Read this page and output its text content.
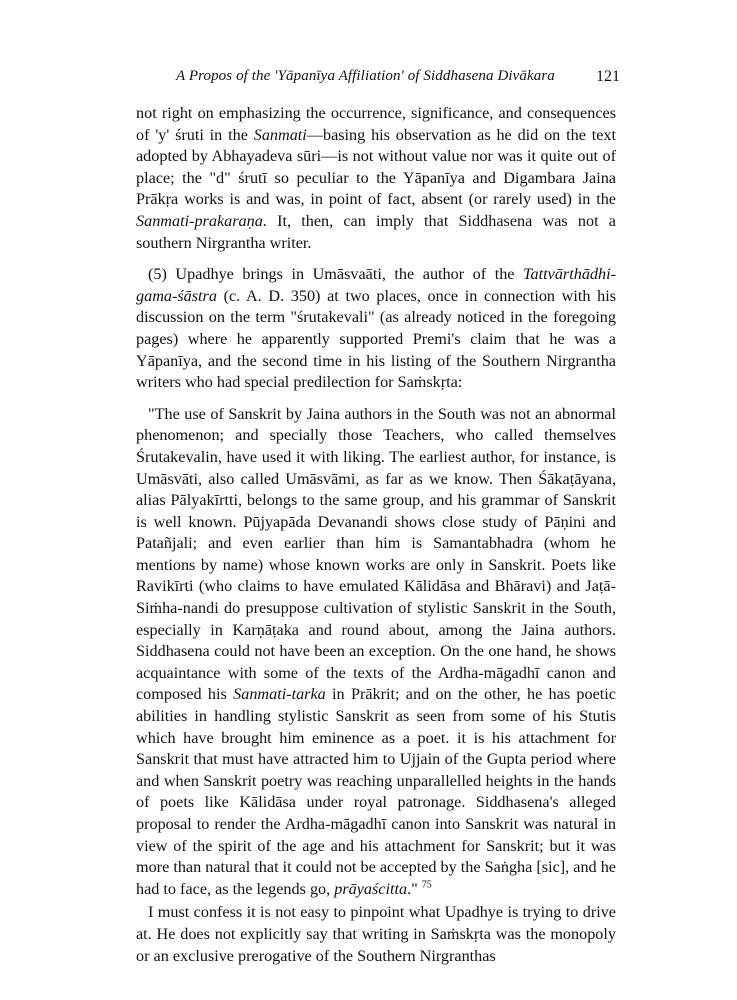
A Propos of the 'Yāpanīya Affiliation' of Siddhasena Divākara	121

not right on emphasizing the occurrence, significance, and consequences of 'y' śruti in the Sanmati—basing his observation as he did on the text adopted by Abhayadeva sūri—is not without value nor was it quite out of place; the "d" śrutī so peculiar to the Yāpanīya and Digambara Jaina Prākṛa works is and was, in point of fact, absent (or rarely used) in the Sanmati-prakaraṇa. It, then, can imply that Siddhasena was not a southern Nirgrantha writer.

(5) Upadhye brings in Umāsvaāti, the author of the Tattvārthādhi-gama-śāstra (c. A. D. 350) at two places, once in connection with his discussion on the term "śrutakevali" (as already noticed in the foregoing pages) where he apparently supported Premi's claim that he was a Yāpanīya, and the second time in his listing of the Southern Nirgrantha writers who had special predilection for Saṁskṛta:

"The use of Sanskrit by Jaina authors in the South was not an abnormal phenomenon; and specially those Teachers, who called themselves Śrutakevalin, have used it with liking. The earliest author, for instance, is Umāsvāti, also called Umāsvāmi, as far as we know. Then Śākaṭāyana, alias Pālyakīrtti, belongs to the same group, and his grammar of Sanskrit is well known. Pūjyapāda Devanandi shows close study of Pāṇini and Patañjali; and even earlier than him is Samantabhadra (whom he mentions by name) whose known works are only in Sanskrit. Poets like Ravikīrti (who claims to have emulated Kālidāsa and Bhāravi) and Jaṭā-Siṁha-nandi do presuppose cultivation of stylistic Sanskrit in the South, especially in Karṇāṭaka and round about, among the Jaina authors. Siddhasena could not have been an exception. On the one hand, he shows acquaintance with some of the texts of the Ardha-māgadhī canon and composed his Sanmati-tarka in Prākrit; and on the other, he has poetic abilities in handling stylistic Sanskrit as seen from some of his Stutis which have brought him eminence as a poet. it is his attachment for Sanskrit that must have attracted him to Ujjain of the Gupta period where and when Sanskrit poetry was reaching unparallelled heights in the hands of poets like Kālidāsa under royal patronage. Siddhasena's alleged proposal to render the Ardha-māgadhī canon into Sanskrit was natural in view of the spirit of the age and his attachment for Sanskrit; but it was more than natural that it could not be accepted by the Saṅgha [sic], and he had to face, as the legends go, prāyaścitta." $^{75}$

I must confess it is not easy to pinpoint what Upadhye is trying to drive at. He does not explicitly say that writing in Saṁskṛta was the monopoly or an exclusive prerogative of the Southern Nirgranthas
